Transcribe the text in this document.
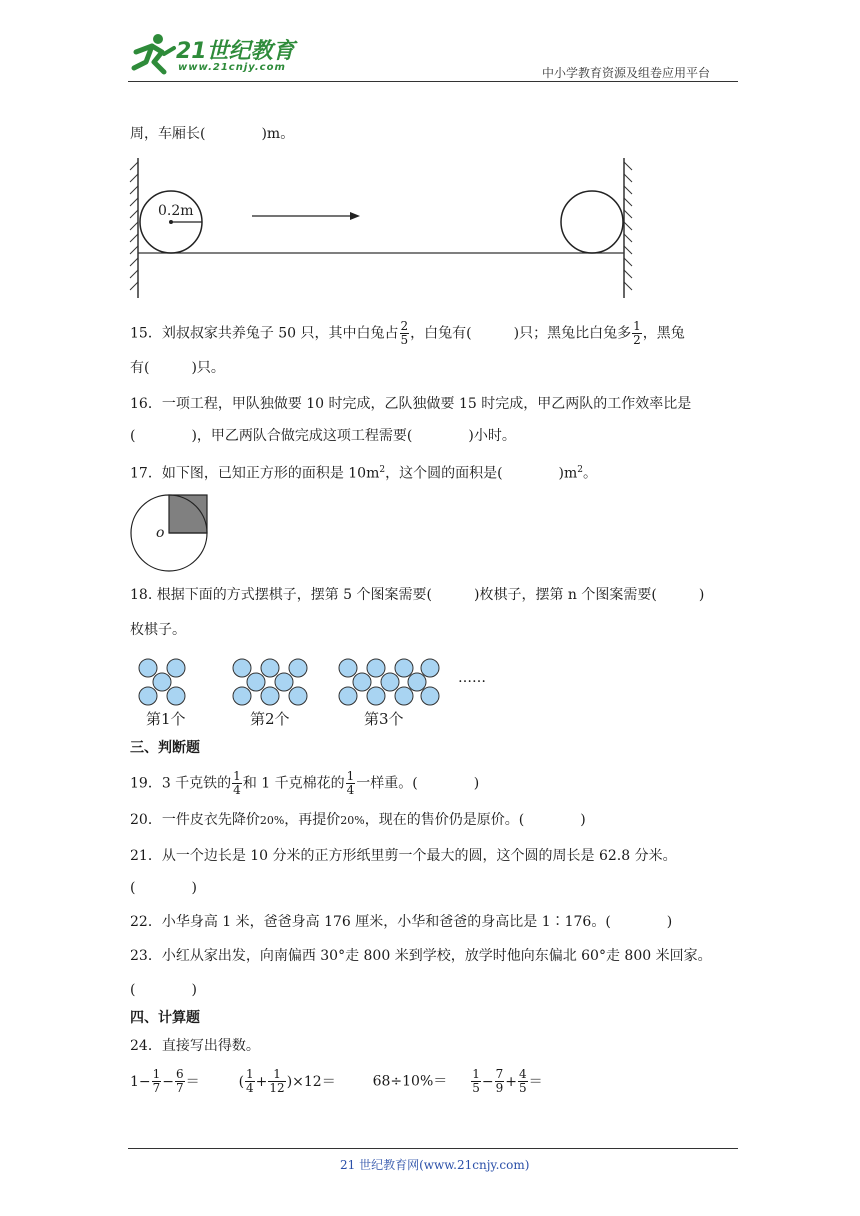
21世纪教育
www.21cnjy.com	中小学教育资源及组卷应用平台
周，车厢长(　　　　)m。
0.2m
15．刘叔叔家共养兔子 50 只，其中白兔占 $\frac{2}{5}$ ，白兔有(　　　)只；黑兔比白兔多 $\frac{1}{2}$ ，黑兔
有(　　　)只。
16．一项工程，甲队独做要 10 时完成，乙队独做要 15 时完成，甲乙两队的工作效率比是
(　　　　)，甲乙两队合做完成这项工程需要(　　　　)小时。
17．如下图，已知正方形的面积是 $10m^2$，这个圆的面积是(　　　　)$m^2$。
o
18. 根据下面的方式摆棋子，摆第 5 个图案需要(　　　)枚棋子，摆第 n 个图案需要(　　　)
枚棋子。
第1个	第2个	第3个
……
三、判断题
19．3 千克铁的 $\frac{1}{4}$ 和 1 千克棉花的 $\frac{1}{4}$ 一样重。(　　　　)
20．一件皮衣先降价20%，再提价20%，现在的售价仍是原价。(　　　　)
21．从一个边长是 10 分米的正方形纸里剪一个最大的圆，这个圆的周长是 62.8 分米。
(　　　　)
22．小华身高 1 米，爸爸身高 176 厘米，小华和爸爸的身高比是 1∶176。(　　　　)
23．小红从家出发，向南偏西 30°走 800 米到学校，放学时他向东偏北 60°走 800 米回家。
(　　　　)
四、计算题
24．直接写出得数。
$1- \frac{1}{7} - \frac{6}{7}$ ＝	( $\frac{1}{4} + \frac{1}{12} )\times 12=$	$68\div 10\%= \frac{1}{5} - \frac{7}{9} + \frac{4}{5}$ ＝
21 世纪教育网(www.21cnjy.com)
